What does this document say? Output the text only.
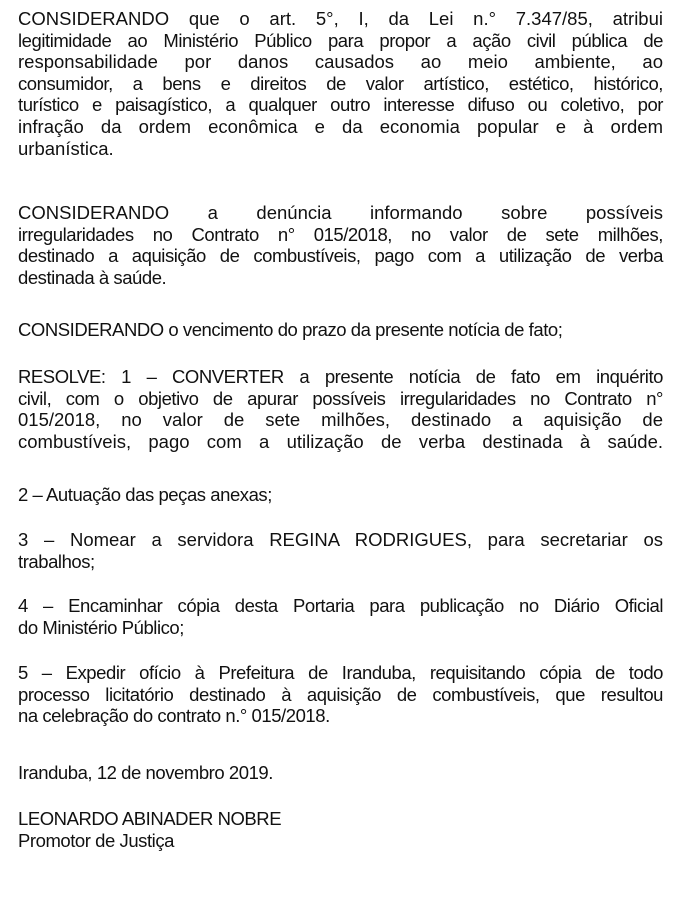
CONSIDERANDO que o art. 5°, I, da Lei n.° 7.347/85, atribui
legitimidade ao Ministério Público para propor a ação civil pública de
responsabilidade por danos causados ao meio ambiente, ao
consumidor, a bens e direitos de valor artístico, estético, histórico,
turístico e paisagístico, a qualquer outro interesse difuso ou coletivo, por
infração da ordem econômica e da economia popular e à ordem
urbanística.
CONSIDERANDO a denúncia informando sobre possíveis
irregularidades no Contrato n° 015/2018, no valor de sete milhões,
destinado a aquisição de combustíveis, pago com a utilização de verba
destinada à saúde.
CONSIDERANDO o vencimento do prazo da presente notícia de fato;
RESOLVE: 1 – CONVERTER a presente notícia de fato em inquérito
civil, com o objetivo de apurar possíveis irregularidades no Contrato n°
015/2018, no valor de sete milhões, destinado a aquisição de
combustíveis, pago com a utilização de verba destinada à saúde.
2 – Autuação das peças anexas;
3 – Nomear a servidora REGINA RODRIGUES, para secretariar os
trabalhos;
4 – Encaminhar cópia desta Portaria para publicação no Diário Oficial
do Ministério Público;
5 – Expedir ofício à Prefeitura de Iranduba, requisitando cópia de todo
processo licitatório destinado à aquisição de combustíveis, que resultou
na celebração do contrato n.° 015/2018.
Iranduba, 12 de novembro 2019.
LEONARDO ABINADER NOBRE
Promotor de Justiça
